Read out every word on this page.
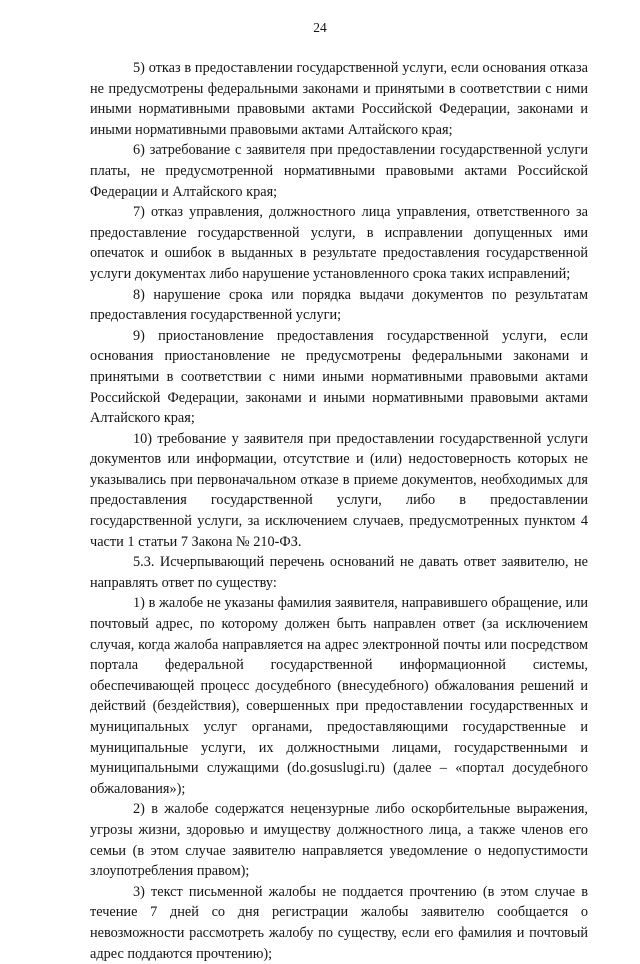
24

5) отказ в предоставлении государственной услуги, если основания отказа не предусмотрены федеральными законами и принятыми в соответствии с ними иными нормативными правовыми актами Российской Федерации, законами и иными нормативными правовыми актами Алтайского края;

6) затребование с заявителя при предоставлении государственной услуги платы, не предусмотренной нормативными правовыми актами Российской Федерации и Алтайского края;

7) отказ управления, должностного лица управления, ответственного за предоставление государственной услуги, в исправлении допущенных ими опечаток и ошибок в выданных в результате предоставления государственной услуги документах либо нарушение установленного срока таких исправлений;

8) нарушение срока или порядка выдачи документов по результатам предоставления государственной услуги;

9) приостановление предоставления государственной услуги, если основания приостановление не предусмотрены федеральными законами и принятыми в соответствии с ними иными нормативными правовыми актами Российской Федерации, законами и иными нормативными правовыми актами Алтайского края;

10) требование у заявителя при предоставлении государственной услуги документов или информации, отсутствие и (или) недостоверность которых не указывались при первоначальном отказе в приеме документов, необходимых для предоставления государственной услуги, либо в предоставлении государственной услуги, за исключением случаев, предусмотренных пунктом 4 части 1 статьи 7 Закона № 210-ФЗ.

5.3. Исчерпывающий перечень оснований не давать ответ заявителю, не направлять ответ по существу:

1) в жалобе не указаны фамилия заявителя, направившего обращение, или почтовый адрес, по которому должен быть направлен ответ (за исключением случая, когда жалоба направляется на адрес электронной почты или посредством портала федеральной государственной информационной системы, обеспечивающей процесс досудебного (внесудебного) обжалования решений и действий (бездействия), совершенных при предоставлении государственных и муниципальных услуг органами, предоставляющими государственные и муниципальные услуги, их должностными лицами, государственными и муниципальными служащими (do.gosuslugi.ru) (далее – «портал досудебного обжалования»);

2) в жалобе содержатся нецензурные либо оскорбительные выражения, угрозы жизни, здоровью и имуществу должностного лица, а также членов его семьи (в этом случае заявителю направляется уведомление о недопустимости злоупотребления правом);

3) текст письменной жалобы не поддается прочтению (в этом случае в течение 7 дней со дня регистрации жалобы заявителю сообщается о невозможности рассмотреть жалобу по существу, если его фамилия и почтовый адрес поддаются прочтению);
